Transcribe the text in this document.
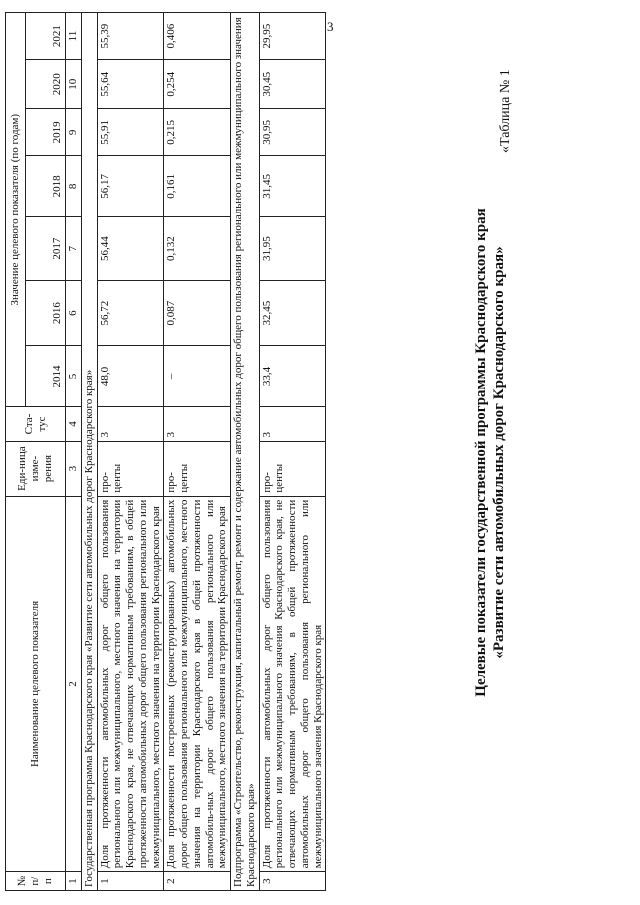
3
«Таблица № 1
Целевые показатели государственной программы Краснодарского края «Развитие сети автомобильных дорог Краснодарского края»
№ п/п	Наименование целевого показателя	Еди-ница изме-рения	Ста-тус	Значение целевого показателя (по годам)						
				2014	2016	2017	2018	2019	2020	2021
1	2	3	4	5	6	7	8	9	10	11
Государственная программа Краснодарского края «Развитие сети автомобильных дорог Краснодарского края»										
1	Доля протяженности автомобильных дорог общего пользования регионального или межмуниципального, местного значения на территории Краснодарского края, не отвечающих нормативным требованиям, в общей протяженности автомобильных дорог общего пользования регионального или межмуниципального, местного значения на территории Краснодарского края	про-центы	3	48,0	56,72	56,44	56,17	55,91	55,64	55,39
2	Доля протяженности построенных (реконструированных) автомобильных дорог общего пользования регионального или межмуниципального, местного значения на территории Краснодарского края в общей протяженности автомобиль-ных дорог общего пользования регионального или межмуниципального, местного значения на территории Краснодарского края	про-центы	3	–	0,087	0,132	0,161	0,215	0,254	0,406
Подпрограмма «Строительство, реконструкция, капитальный ремонт, ремонт и содержание автомобильных дорог общего пользования регионального или межмуниципального значения Краснодарского края»										
3	Доля протяженности автомобильных дорог общего пользования регионального или межмуниципального значения Краснодарского края, не отвечающих нормативным требованиям, в общей протяженности автомобильных дорог общего пользования регионального или межмуниципального значения Краснодарского края	про-центы	3	33,4	32,45	31,95	31,45	30,95	30,45	29,95
